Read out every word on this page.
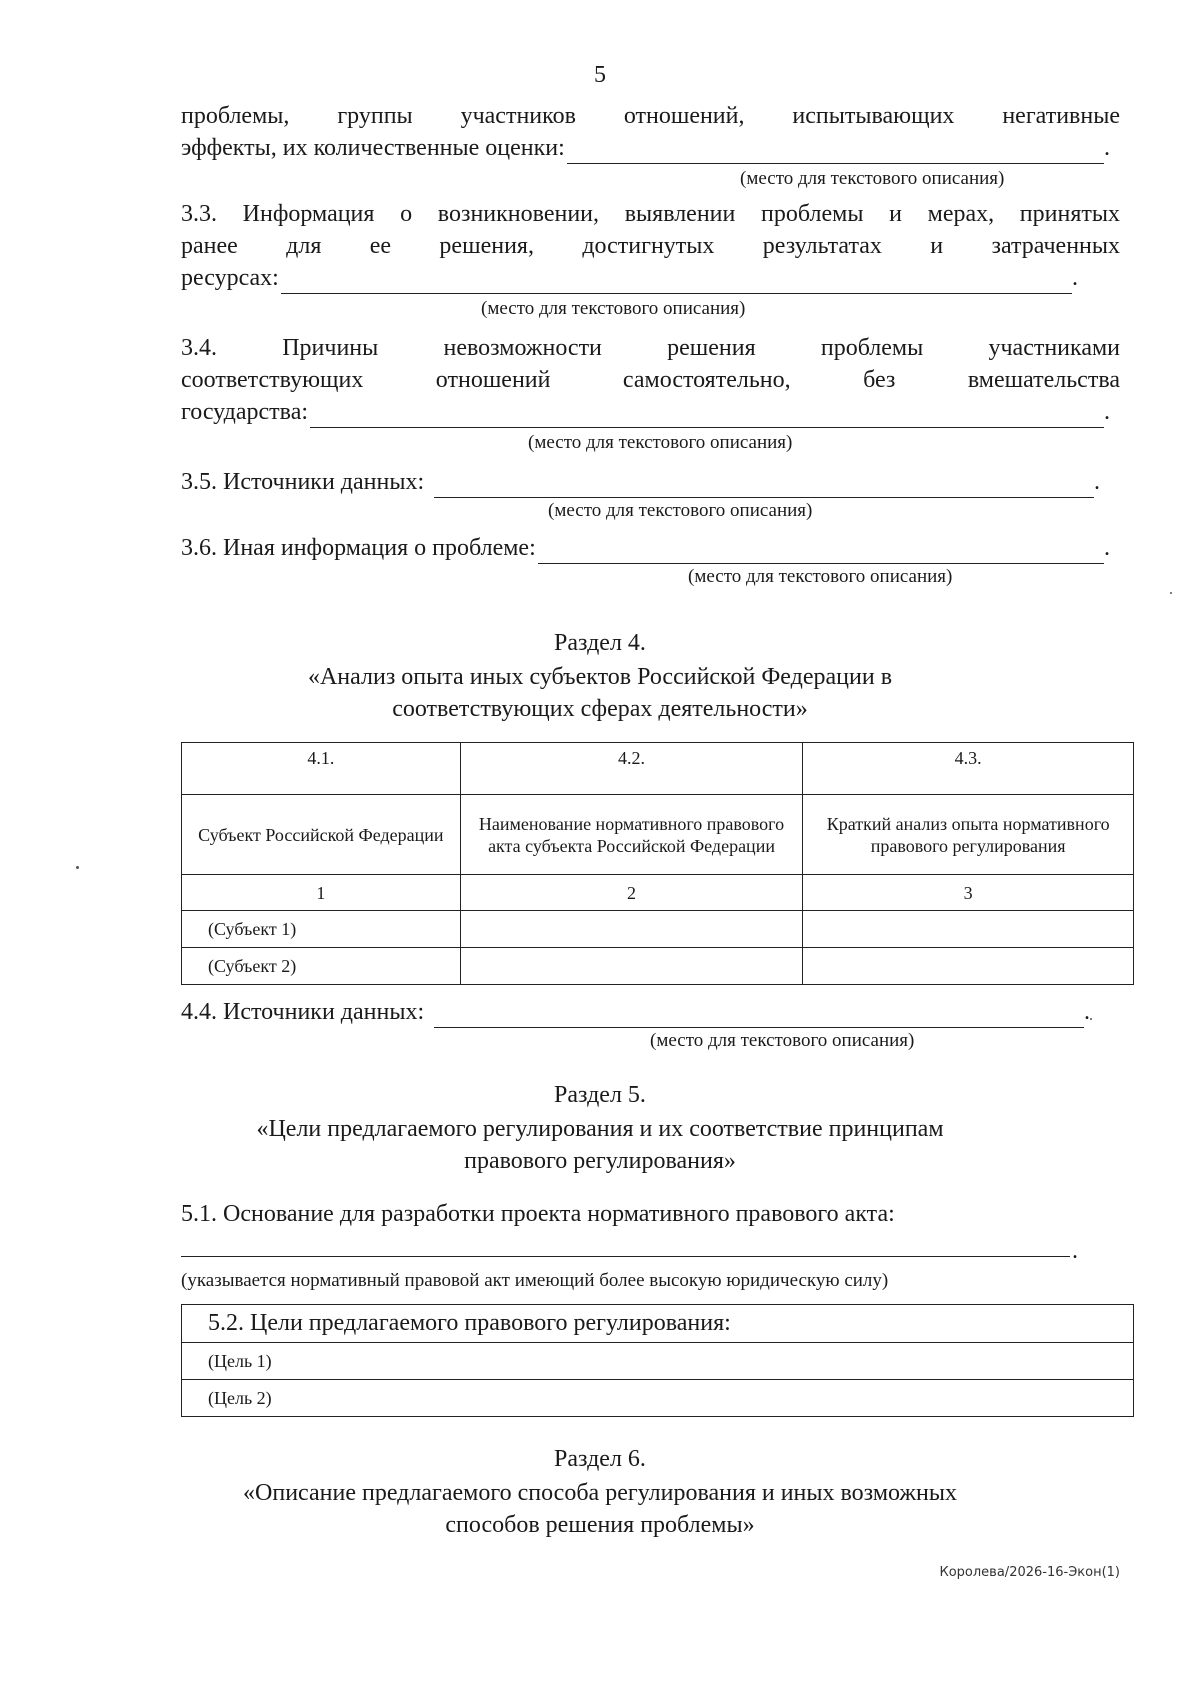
5
проблемы, группы участников отношений, испытывающих негативные
эффекты, их количественные оценки:	.
(место для текстового описания)
3.3. Информация о возникновении, выявлении проблемы и мерах, принятых
ранее для ее решения, достигнутых результатах и затраченных
ресурсах:	.
(место для текстового описания)
3.4. Причины невозможности решения проблемы участниками
соответствующих отношений самостоятельно, без вмешательства
государства:	.
(место для текстового описания)
3.5. Источники данных:	.
(место для текстового описания)
3.6. Иная информация о проблеме:	.
(место для текстового описания)
Раздел 4.
«Анализ опыта иных субъектов Российской Федерации в
соответствующих сферах деятельности»
4.1.	4.2.	4.3.
Субъект Российской Федерации	Наименование нормативного правового акта субъекта Российской Федерации	Краткий анализ опыта нормативного правового регулирования
1	2	3
(Субъект 1)		
(Субъект 2)		
4.4. Источники данных:	.
(место для текстового описания)
Раздел 5.
«Цели предлагаемого регулирования и их соответствие принципам
правового регулирования»
5.1. Основание для разработки проекта нормативного правового акта:
.
(указывается нормативный правовой акт имеющий более высокую юридическую силу)
5.2. Цели предлагаемого правового регулирования:
(Цель 1)
(Цель 2)
Раздел 6.
«Описание предлагаемого способа регулирования и иных возможных
способов решения проблемы»
Королева/2026-16-Экон(1)
